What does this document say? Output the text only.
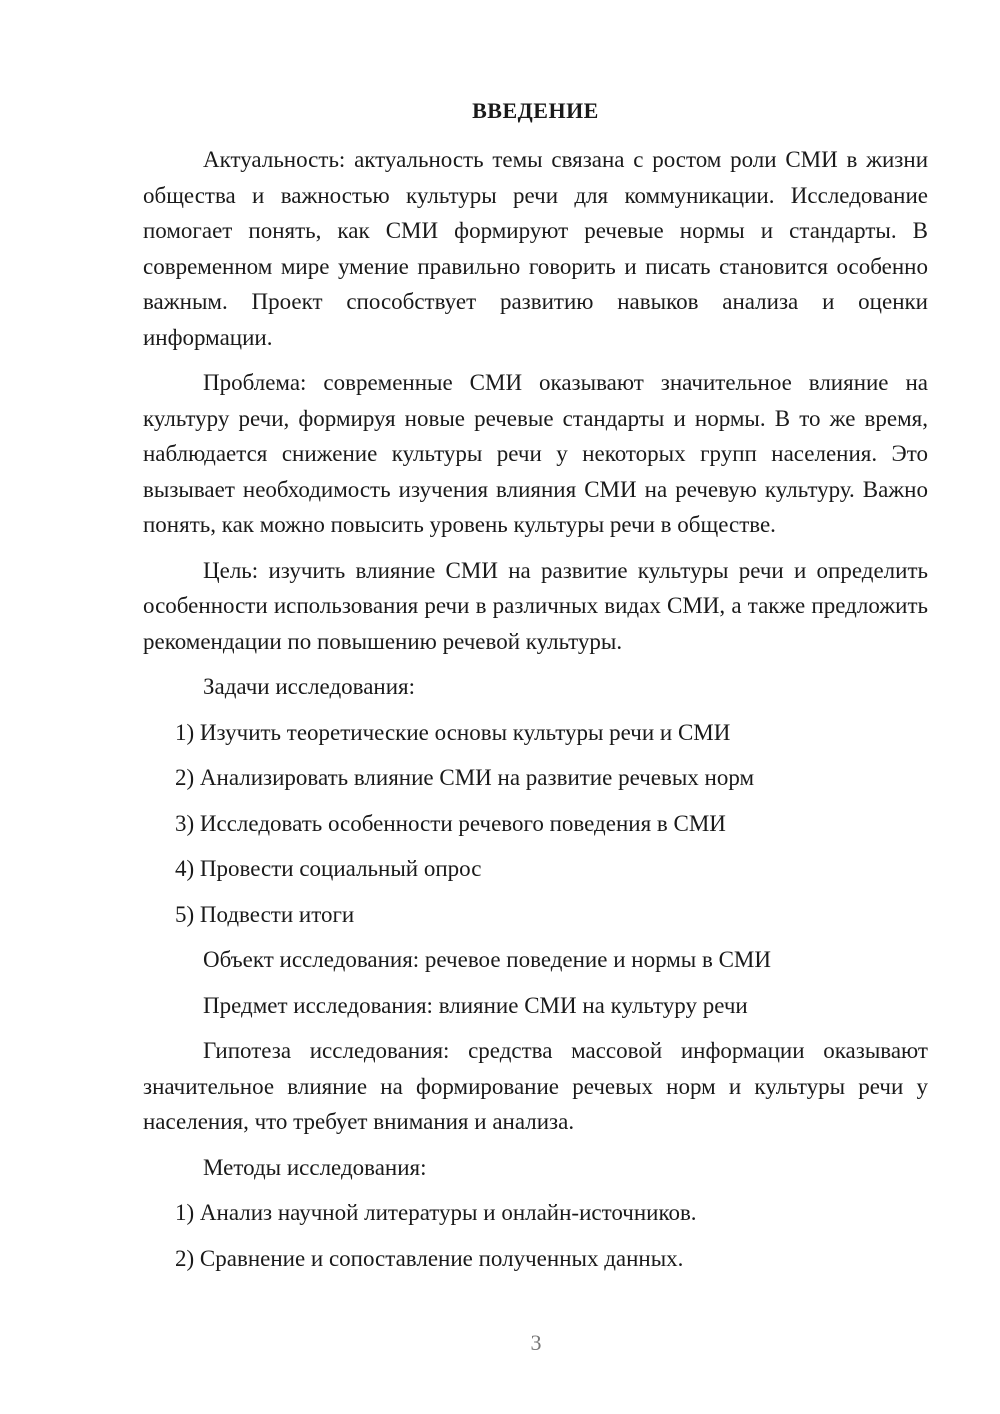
ВВЕДЕНИЕ

Актуальность: актуальность темы связана с ростом роли СМИ в жизни общества и важностью культуры речи для коммуникации. Исследование помогает понять, как СМИ формируют речевые нормы и стандарты. В современном мире умение правильно говорить и писать становится особенно важным. Проект способствует развитию навыков анализа и оценки информации.

Проблема: современные СМИ оказывают значительное влияние на культуру речи, формируя новые речевые стандарты и нормы. В то же время, наблюдается снижение культуры речи у некоторых групп населения. Это вызывает необходимость изучения влияния СМИ на речевую культуру. Важно понять, как можно повысить уровень культуры речи в обществе.

Цель: изучить влияние СМИ на развитие культуры речи и определить особенности использования речи в различных видах СМИ, а также предложить рекомендации по повышению речевой культуры.

Задачи исследования:
1) Изучить теоретические основы культуры речи и СМИ
2) Анализировать влияние СМИ на развитие речевых норм
3) Исследовать особенности речевого поведения в СМИ
4) Провести социальный опрос
5) Подвести итоги
Объект исследования: речевое поведение и нормы в СМИ
Предмет исследования: влияние СМИ на культуру речи

Гипотеза исследования: средства массовой информации оказывают значительное влияние на формирование речевых норм и культуры речи у населения, что требует внимания и анализа.

Методы исследования:
1) Анализ научной литературы и онлайн-источников.
2) Сравнение и сопоставление полученных данных.
3
